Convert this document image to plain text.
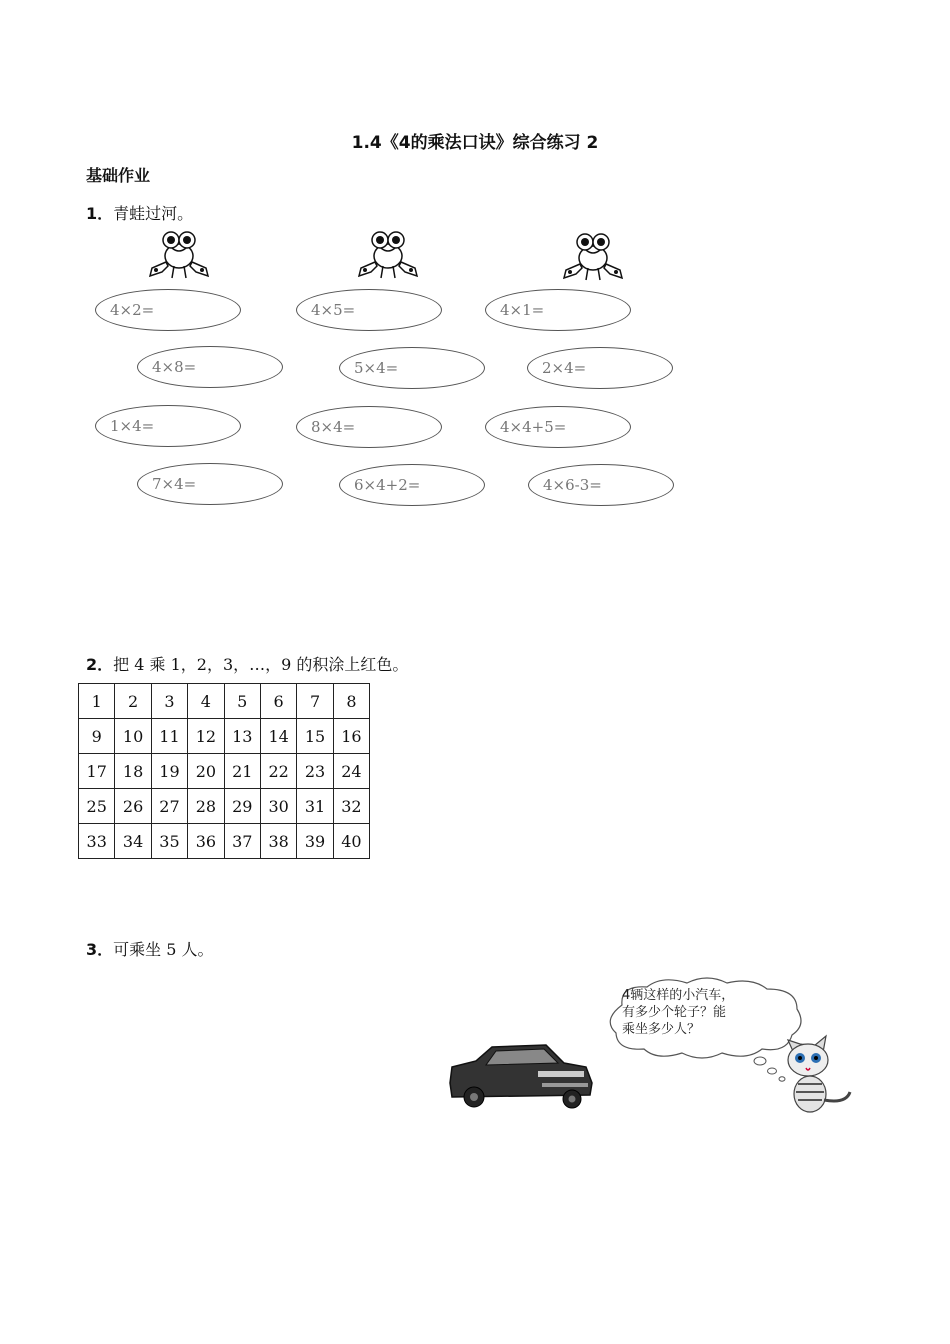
1.4《4的乘法口诀》综合练习 2
基础作业
1．青蛙过河。
4×2=	4×5=	4×1=
4×8=	5×4=	2×4=
1×4=	8×4=	4×4+5=
7×4=	6×4+2=	4×6-3=
2．把 4 乘 1，2，3，…，9 的积涂上红色。
1	2	3	4	5	6	7	8
9	10	11	12	13	14	15	16
17	18	19	20	21	22	23	24
25	26	27	28	29	30	31	32
33	34	35	36	37	38	39	40
3．可乘坐 5 人。
4辆这样的小汽车，
有多少个轮子？能
乘坐多少人？
